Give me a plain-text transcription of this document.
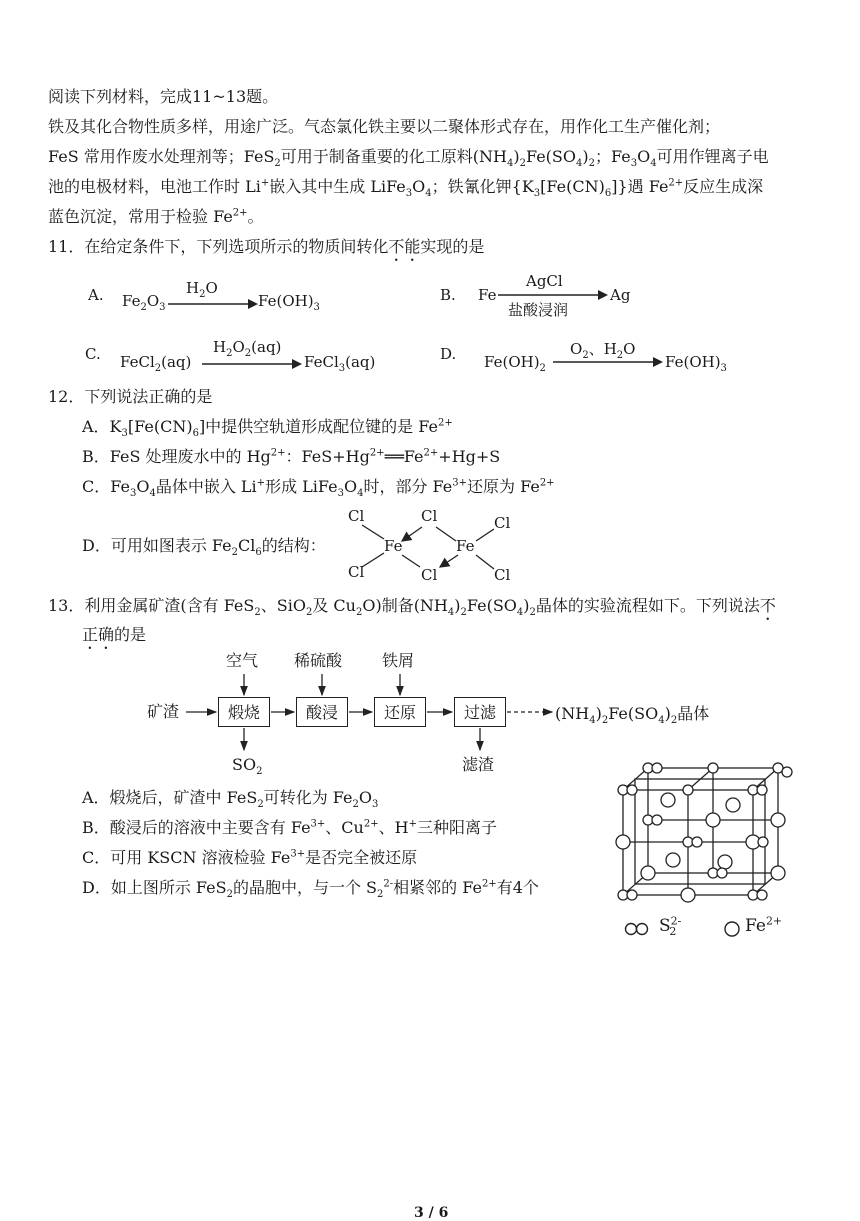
阅读下列材料，完成11~13题。
铁及其化合物性质多样，用途广泛。气态氯化铁主要以二聚体形式存在，用作化工生产催化剂；
FeS 常用作废水处理剂等；FeS$_2$可用于制备重要的化工原料$(NH_4)_2Fe(SO_4)_2$；$Fe_3O_4$可用作锂离子电
池的电极材料，电池工作时 Li+嵌入其中生成 $LiFe_3O_4$；铁氰化钾$\{K_3[Fe(CN)_6]\}$遇 $Fe^{2+}$反应生成深
蓝色沉淀，常用于检验 $Fe^{2+}$。
11．在给定条件下，下列选项所示的物质间转化不能实现的是
A. $Fe_2O_3$
$H_2O$
$Fe(OH)_3$
B. Fe
AgCl
盐酸浸润
Ag
C. FeCl$_2$(aq)
$H_2O_2(aq)$
FeCl$_3$(aq)	D. $Fe(OH)_2$
$O_2$、$H_2O$
$Fe(OH)_3$
12．下列说法正确的是
A．$K_3[Fe(CN)_6]$中提供空轨道形成配位键的是 $Fe^{2+}$
B．FeS 处理废水中的 $Hg^{2+}$：$FeS+Hg^{2+}══Fe^{2+}+Hg+S$
C．$Fe_3O_4$晶体中嵌入 Li+形成 $LiFe_3O_4$时，部分 $Fe^{3+}$还原为 $Fe^{2+}$
D．可用如图表示 $Fe_2Cl_6$的结构：
Cl
Cl
Cl
Cl
Cl
Cl
Fe	Fe
13．利用金属矿渣(含有 FeS$_2$、SiO$_2$及 $Cu_2O$)制备$(NH_4)_2Fe(SO_4)_2$晶体的实验流程如下。下列说法不
正确的是
矿渣	煅烧	酸浸	还原	过滤
空气 稀硫酸 铁屑
$SO_2$	滤渣
$(NH_4)_2Fe(SO_4)_2$晶体
A．煅烧后，矿渣中 FeS$_2$可转化为 $Fe_2O_3$
B．酸浸后的溶液中主要含有 $Fe^{3+}$、$Cu^{2+}$、H+三种阳离子
C．可用 KSCN 溶液检验 $Fe^{3+}$是否完全被还原
D．如上图所示 FeS$_2$的晶胞中，与一个 $S_2^{2-}$相紧邻的 $Fe^{2+}$有4个
$S^{2-}_2$	$Fe^{2+}$
3 / 6
